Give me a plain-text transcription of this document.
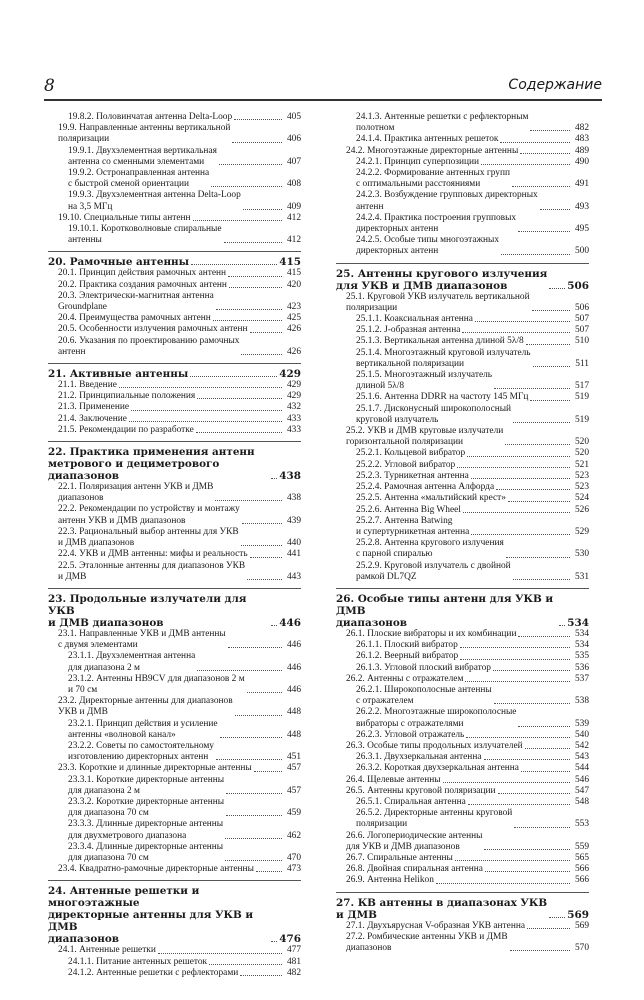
8	Содержание
19.8.2. Половинчатая антенна Delta-Loop	405
19.9. Направленные антенны вертикальной
поляризации	406
19.9.1. Двухэлементная вертикальная
антенна со сменными элементами	407
19.9.2. Остронаправленная антенна
с быстрой сменой ориентации	408
19.9.3. Двухэлементная антенна Delta-Loop
на 3,5 МГц	409
19.10. Специальные типы антенн	412
19.10.1. Коротковолновые спиральные
антенны	412
20. Рамочные антенны	415
20.1. Принцип действия рамочных антенн	415
20.2. Практика создания рамочных антенн	420
20.3. Электрически-магнитная антенна
Groundplane	423
20.4. Преимущества рамочных антенн	425
20.5. Особенности излучения рамочных антенн	426
20.6. Указания по проектированию рамочных
антенн	426
21. Активные антенны	429
21.1. Введение	429
21.2. Принципиальные положения	429
21.3. Применение	432
21.4. Заключение	433
21.5. Рекомендации по разработке	433
22. Практика применения антенн
метрового и дециметрового диапазонов	438
22.1. Поляризация антенн УКВ и ДМВ
диапазонов	438
22.2. Рекомендации по устройству и монтажу
антенн УКВ и ДМВ диапазонов	439
22.3. Рациональный выбор антенны для УКВ
и ДМВ диапазонов	440
22.4. УКВ и ДМВ антенны: мифы и реальность	441
22.5. Эталонные антенны для диапазонов УКВ
и ДМВ	443
23. Продольные излучатели для УКВ
и ДМВ диапазонов	446
23.1. Направленные УКВ и ДМВ антенны
с двумя элементами	446
23.1.1. Двухэлементная антенна
для диапазона 2 м	446
23.1.2. Антенны HB9CV для диапазонов 2 м
и 70 см	446
23.2. Директорные антенны для диапазонов
УКВ и ДМВ	448
23.2.1. Принцип действия и усиление
антенны «волновой канал»	448
23.2.2. Советы по самостоятельному
изготовлению директорных антенн	451
23.3. Короткие и длинные директорные антенны	457
23.3.1. Короткие директорные антенны
для диапазона 2 м	457
23.3.2. Короткие директорные антенны
для диапазона 70 см	459
23.3.3. Длинные директорные антенны
для двухметрового диапазона	462
23.3.4. Длинные директорные антенны
для диапазона 70 см	470
23.4. Квадратно-рамочные директорные антенны	473
24. Антенные решетки и многоэтажные
директорные антенны для УКВ и ДМВ
диапазонов	476
24.1. Антенные решетки	477
24.1.1. Питание антенных решеток	481
24.1.2. Антенные решетки с рефлекторами	482
24.1.3. Антенные решетки с рефлекторным
полотном	482
24.1.4. Практика антенных решеток	483
24.2. Многоэтажные директорные антенны	489
24.2.1. Принцип суперпозиции	490
24.2.2. Формирование антенных групп
с оптимальными расстояниями	491
24.2.3. Возбуждение групповых директорных
антенн	493
24.2.4. Практика построения групповых
директорных антенн	495
24.2.5. Особые типы многоэтажных
директорных антенн	500
25. Антенны кругового излучения
для УКВ и ДМВ диапазонов	506
25.1. Круговой УКВ излучатель вертикальной
поляризации	506
25.1.1. Коаксиальная антенна	507
25.1.2. J-образная антенна	507
25.1.3. Вертикальная антенна длиной 5λ/8	510
25.1.4. Многоэтажный круговой излучатель
вертикальной поляризации	511
25.1.5. Многоэтажный излучатель
длиной 5λ/8	517
25.1.6. Антенна DDRR на частоту 145 МГц	519
25.1.7. Дисконусный широкополосный
круговой излучатель	519
25.2. УКВ и ДМВ круговые излучатели
горизонтальной поляризации	520
25.2.1. Кольцевой вибратор	520
25.2.2. Угловой вибратор	521
25.2.3. Турникетная антенна	523
25.2.4. Рамочная антенна Алфорда	523
25.2.5. Антенна «мальтийский крест»	524
25.2.6. Антенна Big Wheel	526
25.2.7. Антенна Batwing
и супертурникетная антенна	529
25.2.8. Антенна кругового излучения
с парной спиралью	530
25.2.9. Круговой излучатель с двойной
рамкой DL7QZ	531
26. Особые типы антенн для УКВ и ДМВ
диапазонов	534
26.1. Плоские вибраторы и их комбинации	534
26.1.1. Плоский вибратор	534
26.1.2. Веерный вибратор	535
26.1.3. Угловой плоский вибратор	536
26.2. Антенны с отражателем	537
26.2.1. Широкополосные антенны
с отражателем	538
26.2.2. Многоэтажные широкополосные
вибраторы с отражателями	539
26.2.3. Угловой отражатель	540
26.3. Особые типы продольных излучателей	542
26.3.1. Двухзеркальная антенна	543
26.3.2. Короткая двухзеркальная антенна	544
26.4. Щелевые антенны	546
26.5. Антенны круговой поляризации	547
26.5.1. Спиральная антенна	548
26.5.2. Директорные антенны круговой
поляризации	553
26.6. Логопериодические антенны
для УКВ и ДМВ диапазонов	559
26.7. Спиральные антенны	565
26.8. Двойная спиральная антенна	566
26.9. Антенна Helikon	566
27. КВ антенны в диапазонах УКВ
и ДМВ	569
27.1. Двухъярусная V-образная УКВ антенна	569
27.2. Ромбические антенны УКВ и ДМВ
диапазонов	570
